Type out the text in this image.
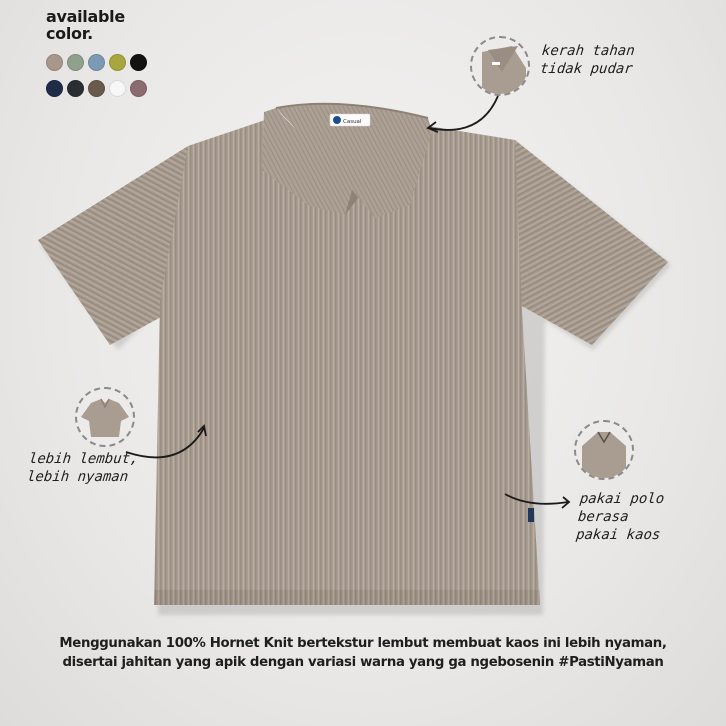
available
color.

Casual

kerah tahan
tidak pudar

lebih lembut,
lebih nyaman

pakai polo
berasa
pakai kaos

Menggunakan 100% Hornet Knit bertekstur lembut membuat kaos ini lebih nyaman,

disertai jahitan yang apik dengan variasi warna yang ga ngebosenin #PastiNyaman
